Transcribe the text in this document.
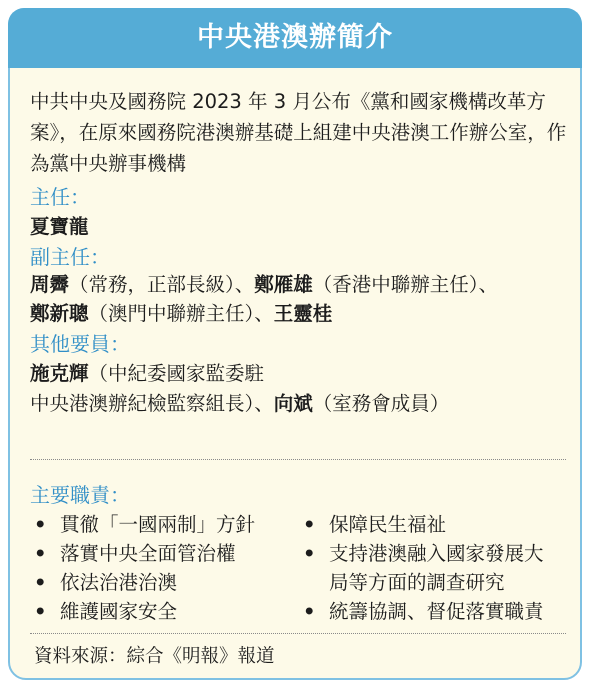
中央港澳辦簡介

中共中央及國務院 2023 年 3 月公布《黨和國家機構改革方案》，在原來國務院港澳辦基礎上組建中央港澳工作辦公室，作為黨中央辦事機構

主任：

夏寶龍

副主任：

周霽（常務，正部長級）、鄭雁雄（香港中聯辦主任）、

鄭新聰（澳門中聯辦主任）、王靈桂

其他要員：

施克輝（中紀委國家監委駐

中央港澳辦紀檢監察組長）、向斌（室務會成員）

主要職責：

• 貫徹「一國兩制」方針
• 落實中央全面管治權
• 依法治港治澳
• 維護國家安全
• 保障民生福祉
• 支持港澳融入國家發展大
局等方面的調查研究
• 統籌協調、督促落實職責

資料來源：綜合《明報》報道
